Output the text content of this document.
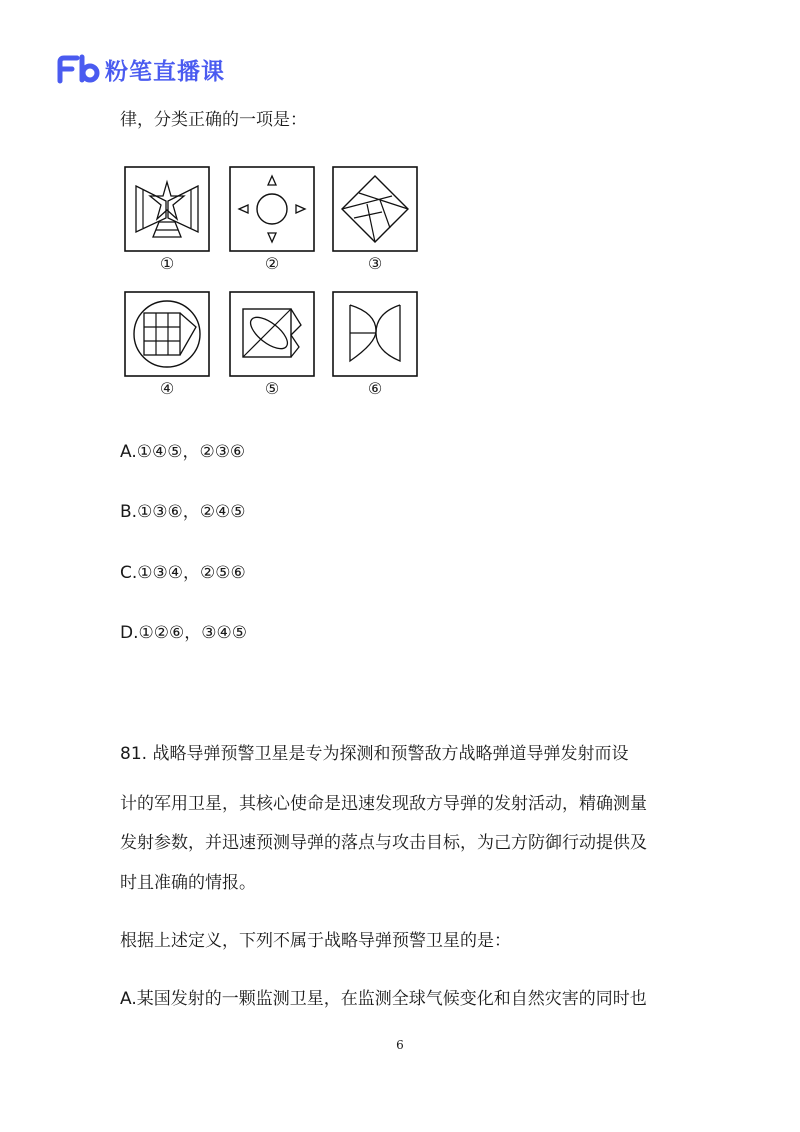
粉笔直播课
律，分类正确的一项是：
①	②	③
④	⑤	⑥
A.①④⑤，②③⑥
B.①③⑥，②④⑤
C.①③④，②⑤⑥
D.①②⑥，③④⑤
81. 战略导弹预警卫星是专为探测和预警敌方战略弹道导弹发射而设
计的军用卫星，其核心使命是迅速发现敌方导弹的发射活动，精确测量
发射参数，并迅速预测导弹的落点与攻击目标，为己方防御行动提供及
时且准确的情报。
根据上述定义，下列不属于战略导弹预警卫星的是：
A.某国发射的一颗监测卫星，在监测全球气候变化和自然灾害的同时也
6
